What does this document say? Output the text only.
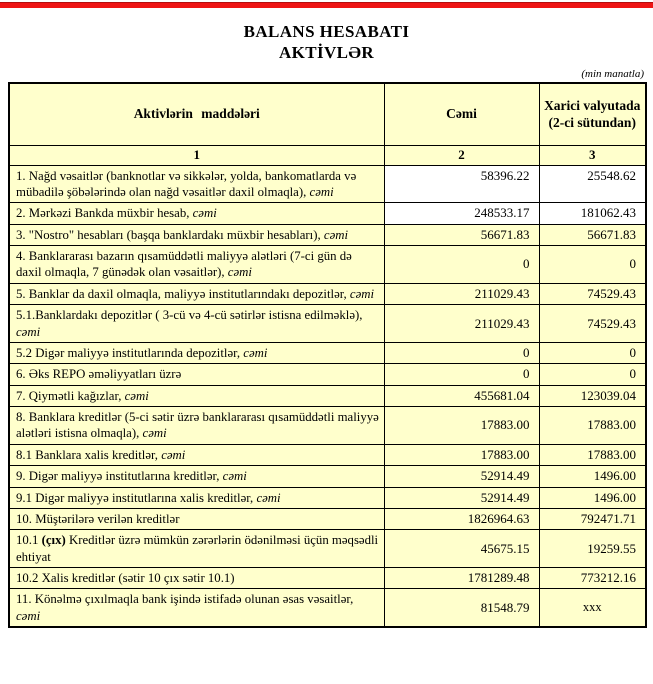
BALANS HESABATI
AKTİVLƏR
(min manatla)
Aktivlərin maddələri	Cəmi	Xarici valyutada (2-ci sütundan)
1	2	3
1. Nağd vəsaitlər (banknotlar və sikkələr, yolda, bankomatlarda və mübadilə şöbələrində olan nağd vəsaitlər daxil olmaqla), cəmi	58396.22	25548.62
2. Mərkəzi Bankda müxbir hesab, cəmi	248533.17	181062.43
3. "Nostro" hesabları (başqa banklardakı müxbir hesabları), cəmi	56671.83	56671.83
4. Banklararası bazarın qısamüddətli maliyyə alətləri (7-ci gün də daxil olmaqla, 7 günədək olan vəsaitlər), cəmi	0	0
5. Banklar da daxil olmaqla, maliyyə institutlarındakı depozitlər, cəmi	211029.43	74529.43
5.1.Banklardakı depozitlər ( 3-cü və 4-cü sətirlər istisna edilməklə), cəmi	211029.43	74529.43
5.2 Digər maliyyə institutlarında depozitlər, cəmi	0	0
6. Əks REPO əməliyyatları üzrə	0	0
7. Qiymətli kağızlar, cəmi	455681.04	123039.04
8. Banklara kreditlər (5-ci sətir üzrə banklararası qısamüddətli maliyyə alətləri istisna olmaqla), cəmi	17883.00	17883.00
8.1 Banklara xalis kreditlər, cəmi	17883.00	17883.00
9. Digər maliyyə institutlarına kreditlər, cəmi	52914.49	1496.00
9.1 Digər maliyyə institutlarına xalis kreditlər, cəmi	52914.49	1496.00
10. Müştərilərə verilən kreditlər	1826964.63	792471.71
10.1 (çıx) Kreditlər üzrə mümkün zərərlərin ödənilməsi üçün məqsədli ehtiyat	45675.15	19259.55
10.2 Xalis kreditlər (sətir 10 çıx sətir 10.1)	1781289.48	773212.16
11. Könəlmə çıxılmaqla bank işində istifadə olunan əsas vəsaitlər, cəmi	81548.79	xxx
